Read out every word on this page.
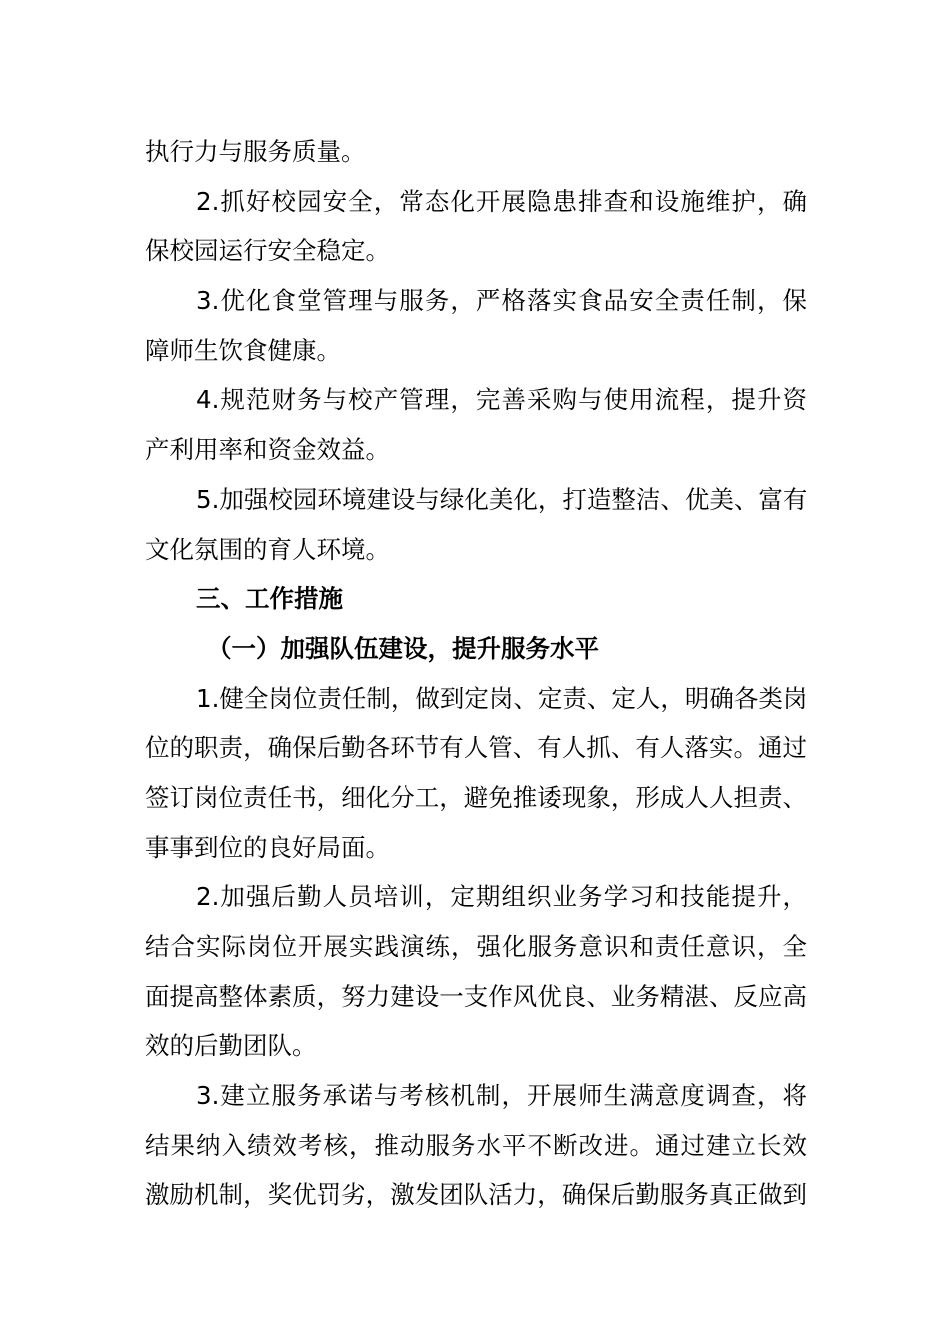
执行力与服务质量。
2.抓好校园安全，常态化开展隐患排查和设施维护，确
保校园运行安全稳定。
3.优化食堂管理与服务，严格落实食品安全责任制，保
障师生饮食健康。
4.规范财务与校产管理，完善采购与使用流程，提升资
产利用率和资金效益。
5.加强校园环境建设与绿化美化，打造整洁、优美、富有
文化氛围的育人环境。
三、工作措施
（一）加强队伍建设，提升服务水平
1.健全岗位责任制，做到定岗、定责、定人，明确各类岗
位的职责，确保后勤各环节有人管、有人抓、有人落实。通过
签订岗位责任书，细化分工，避免推诿现象，形成人人担责、
事事到位的良好局面。
2.加强后勤人员培训，定期组织业务学习和技能提升，
结合实际岗位开展实践演练，强化服务意识和责任意识，全
面提高整体素质，努力建设一支作风优良、业务精湛、反应高
效的后勤团队。
3.建立服务承诺与考核机制，开展师生满意度调查，将
结果纳入绩效考核，推动服务水平不断改进。通过建立长效
激励机制，奖优罚劣，激发团队活力，确保后勤服务真正做到
